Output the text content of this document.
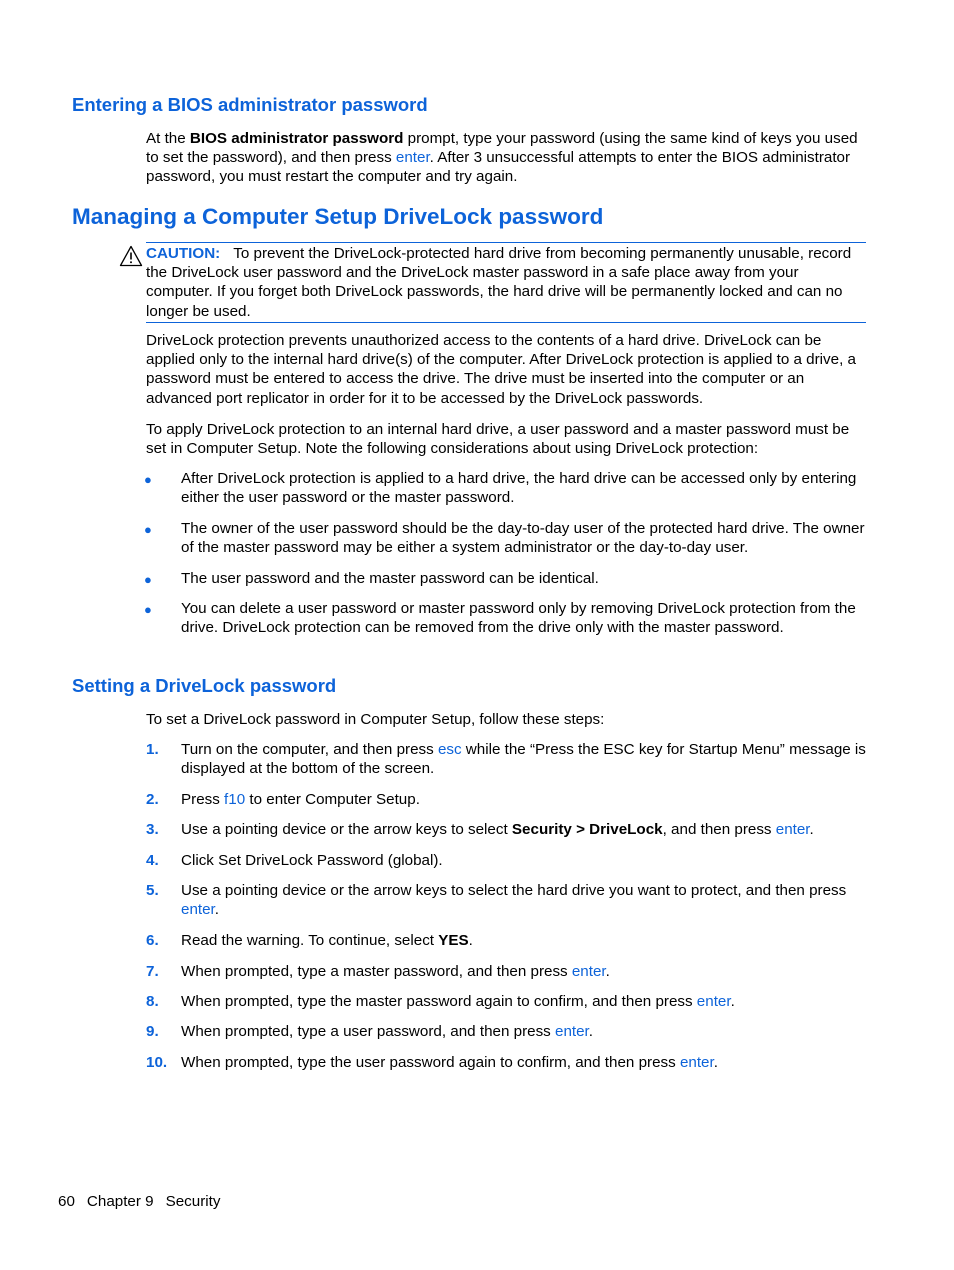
Entering a BIOS administrator password
At the BIOS administrator password prompt, type your password (using the same kind of keys you used to set the password), and then press enter. After 3 unsuccessful attempts to enter the BIOS administrator password, you must restart the computer and try again.
Managing a Computer Setup DriveLock password
CAUTION: To prevent the DriveLock-protected hard drive from becoming permanently unusable, record the DriveLock user password and the DriveLock master password in a safe place away from your computer. If you forget both DriveLock passwords, the hard drive will be permanently locked and can no longer be used.
DriveLock protection prevents unauthorized access to the contents of a hard drive. DriveLock can be applied only to the internal hard drive(s) of the computer. After DriveLock protection is applied to a drive, a password must be entered to access the drive. The drive must be inserted into the computer or an advanced port replicator in order for it to be accessed by the DriveLock passwords.
To apply DriveLock protection to an internal hard drive, a user password and a master password must be set in Computer Setup. Note the following considerations about using DriveLock protection:
● After DriveLock protection is applied to a hard drive, the hard drive can be accessed only by entering either the user password or the master password.
● The owner of the user password should be the day-to-day user of the protected hard drive. The owner of the master password may be either a system administrator or the day-to-day user.
● The user password and the master password can be identical.
● You can delete a user password or master password only by removing DriveLock protection from the drive. DriveLock protection can be removed from the drive only with the master password.
Setting a DriveLock password
To set a DriveLock password in Computer Setup, follow these steps:
1. Turn on the computer, and then press esc while the “Press the ESC key for Startup Menu” message is displayed at the bottom of the screen.
2. Press f10 to enter Computer Setup.
3. Use a pointing device or the arrow keys to select Security > DriveLock, and then press enter.
4. Click Set DriveLock Password (global).
5. Use a pointing device or the arrow keys to select the hard drive you want to protect, and then press enter.
6. Read the warning. To continue, select YES.
7. When prompted, type a master password, and then press enter.
8. When prompted, type the master password again to confirm, and then press enter.
9. When prompted, type a user password, and then press enter.
10. When prompted, type the user password again to confirm, and then press enter.
60 Chapter 9 Security
